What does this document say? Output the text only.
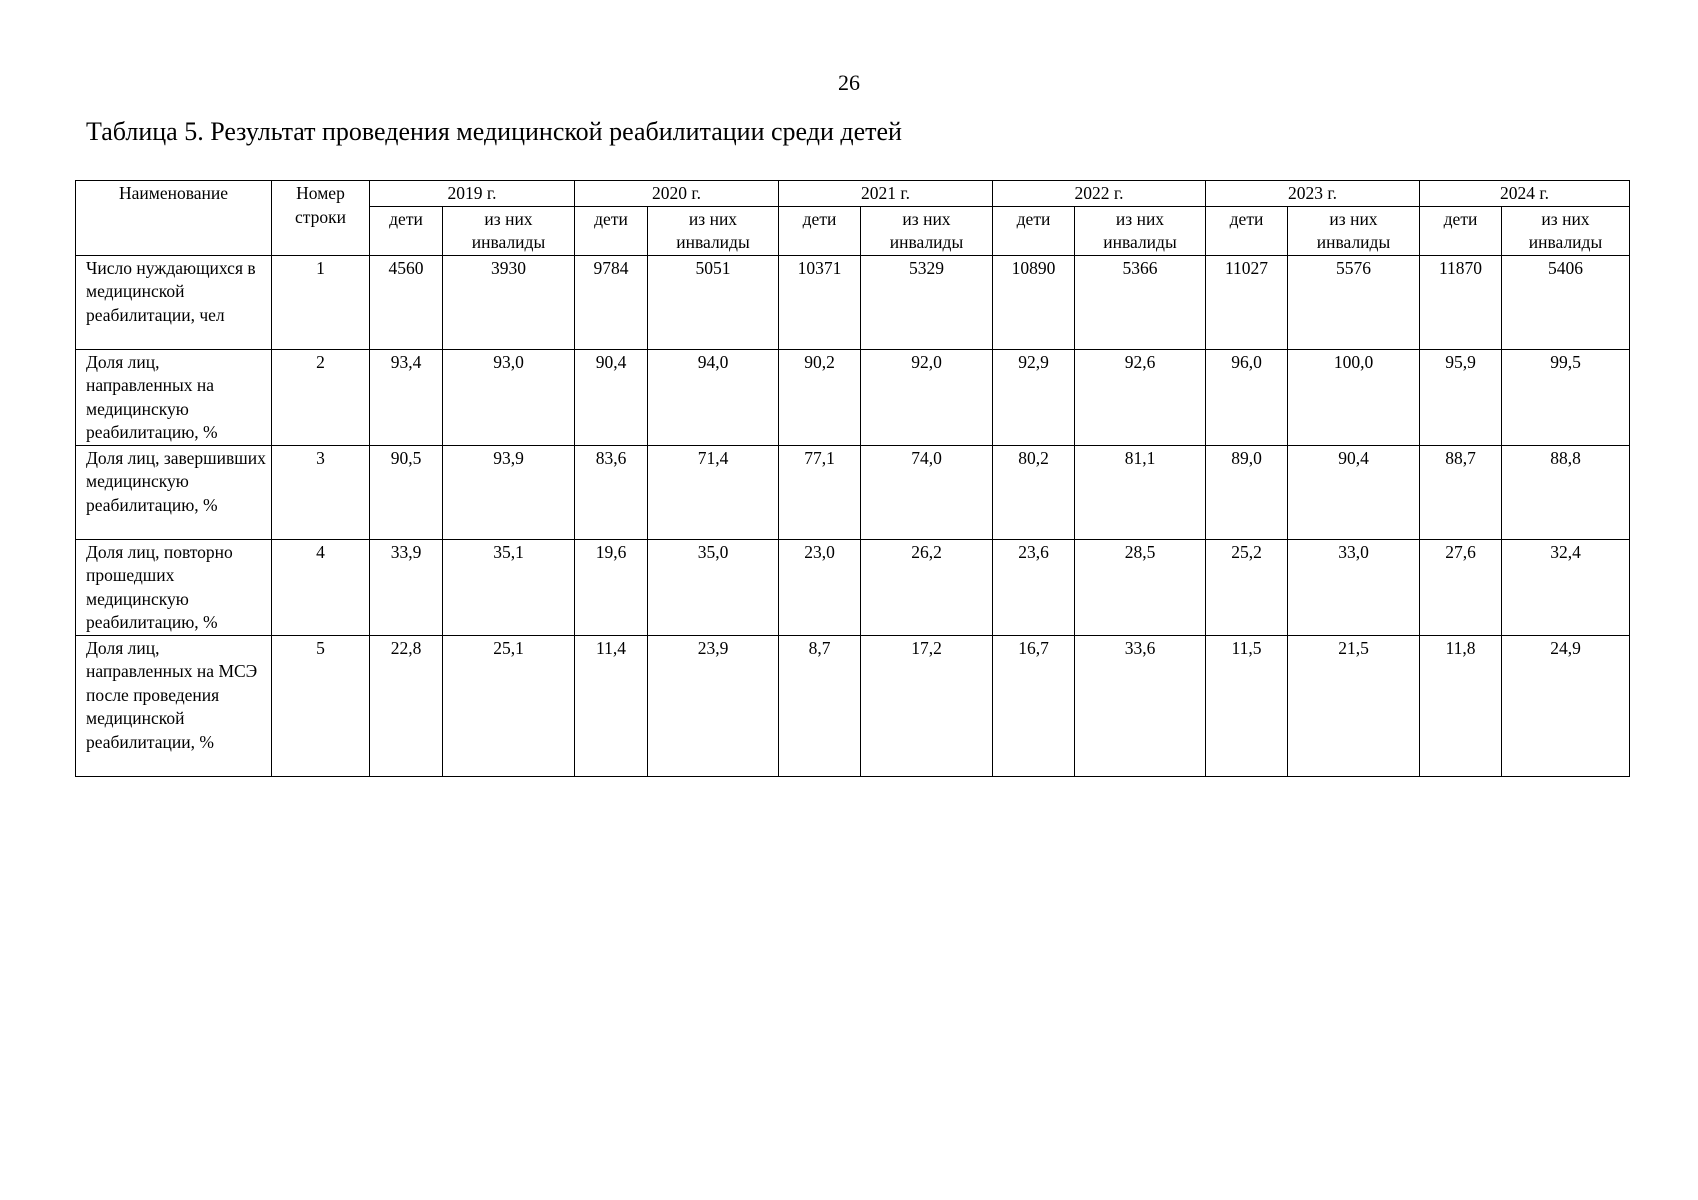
26
Таблица 5. Результат проведения медицинской реабилитации среди детей
Наименование	Номер строки	2019 г.		2020 г.		2021 г.		2022 г.		2023 г.		2024 г.	
		дети	из них инвалиды	дети	из них инвалиды	дети	из них инвалиды	дети	из них инвалиды	дети	из них инвалиды	дети	из них инвалиды
Число нуждающихся в медицинской реабилитации, чел	1	4560	3930	9784	5051	10371	5329	10890	5366	11027	5576	11870	5406
Доля лиц, направленных на медицинскую реабилитацию, %	2	93,4	93,0	90,4	94,0	90,2	92,0	92,9	92,6	96,0	100,0	95,9	99,5
Доля лиц, завершивших медицинскую реабилитацию, %	3	90,5	93,9	83,6	71,4	77,1	74,0	80,2	81,1	89,0	90,4	88,7	88,8
Доля лиц, повторно прошедших медицинскую реабилитацию, %	4	33,9	35,1	19,6	35,0	23,0	26,2	23,6	28,5	25,2	33,0	27,6	32,4
Доля лиц, направленных на МСЭ после проведения медицинской реабилитации, %	5	22,8	25,1	11,4	23,9	8,7	17,2	16,7	33,6	11,5	21,5	11,8	24,9
